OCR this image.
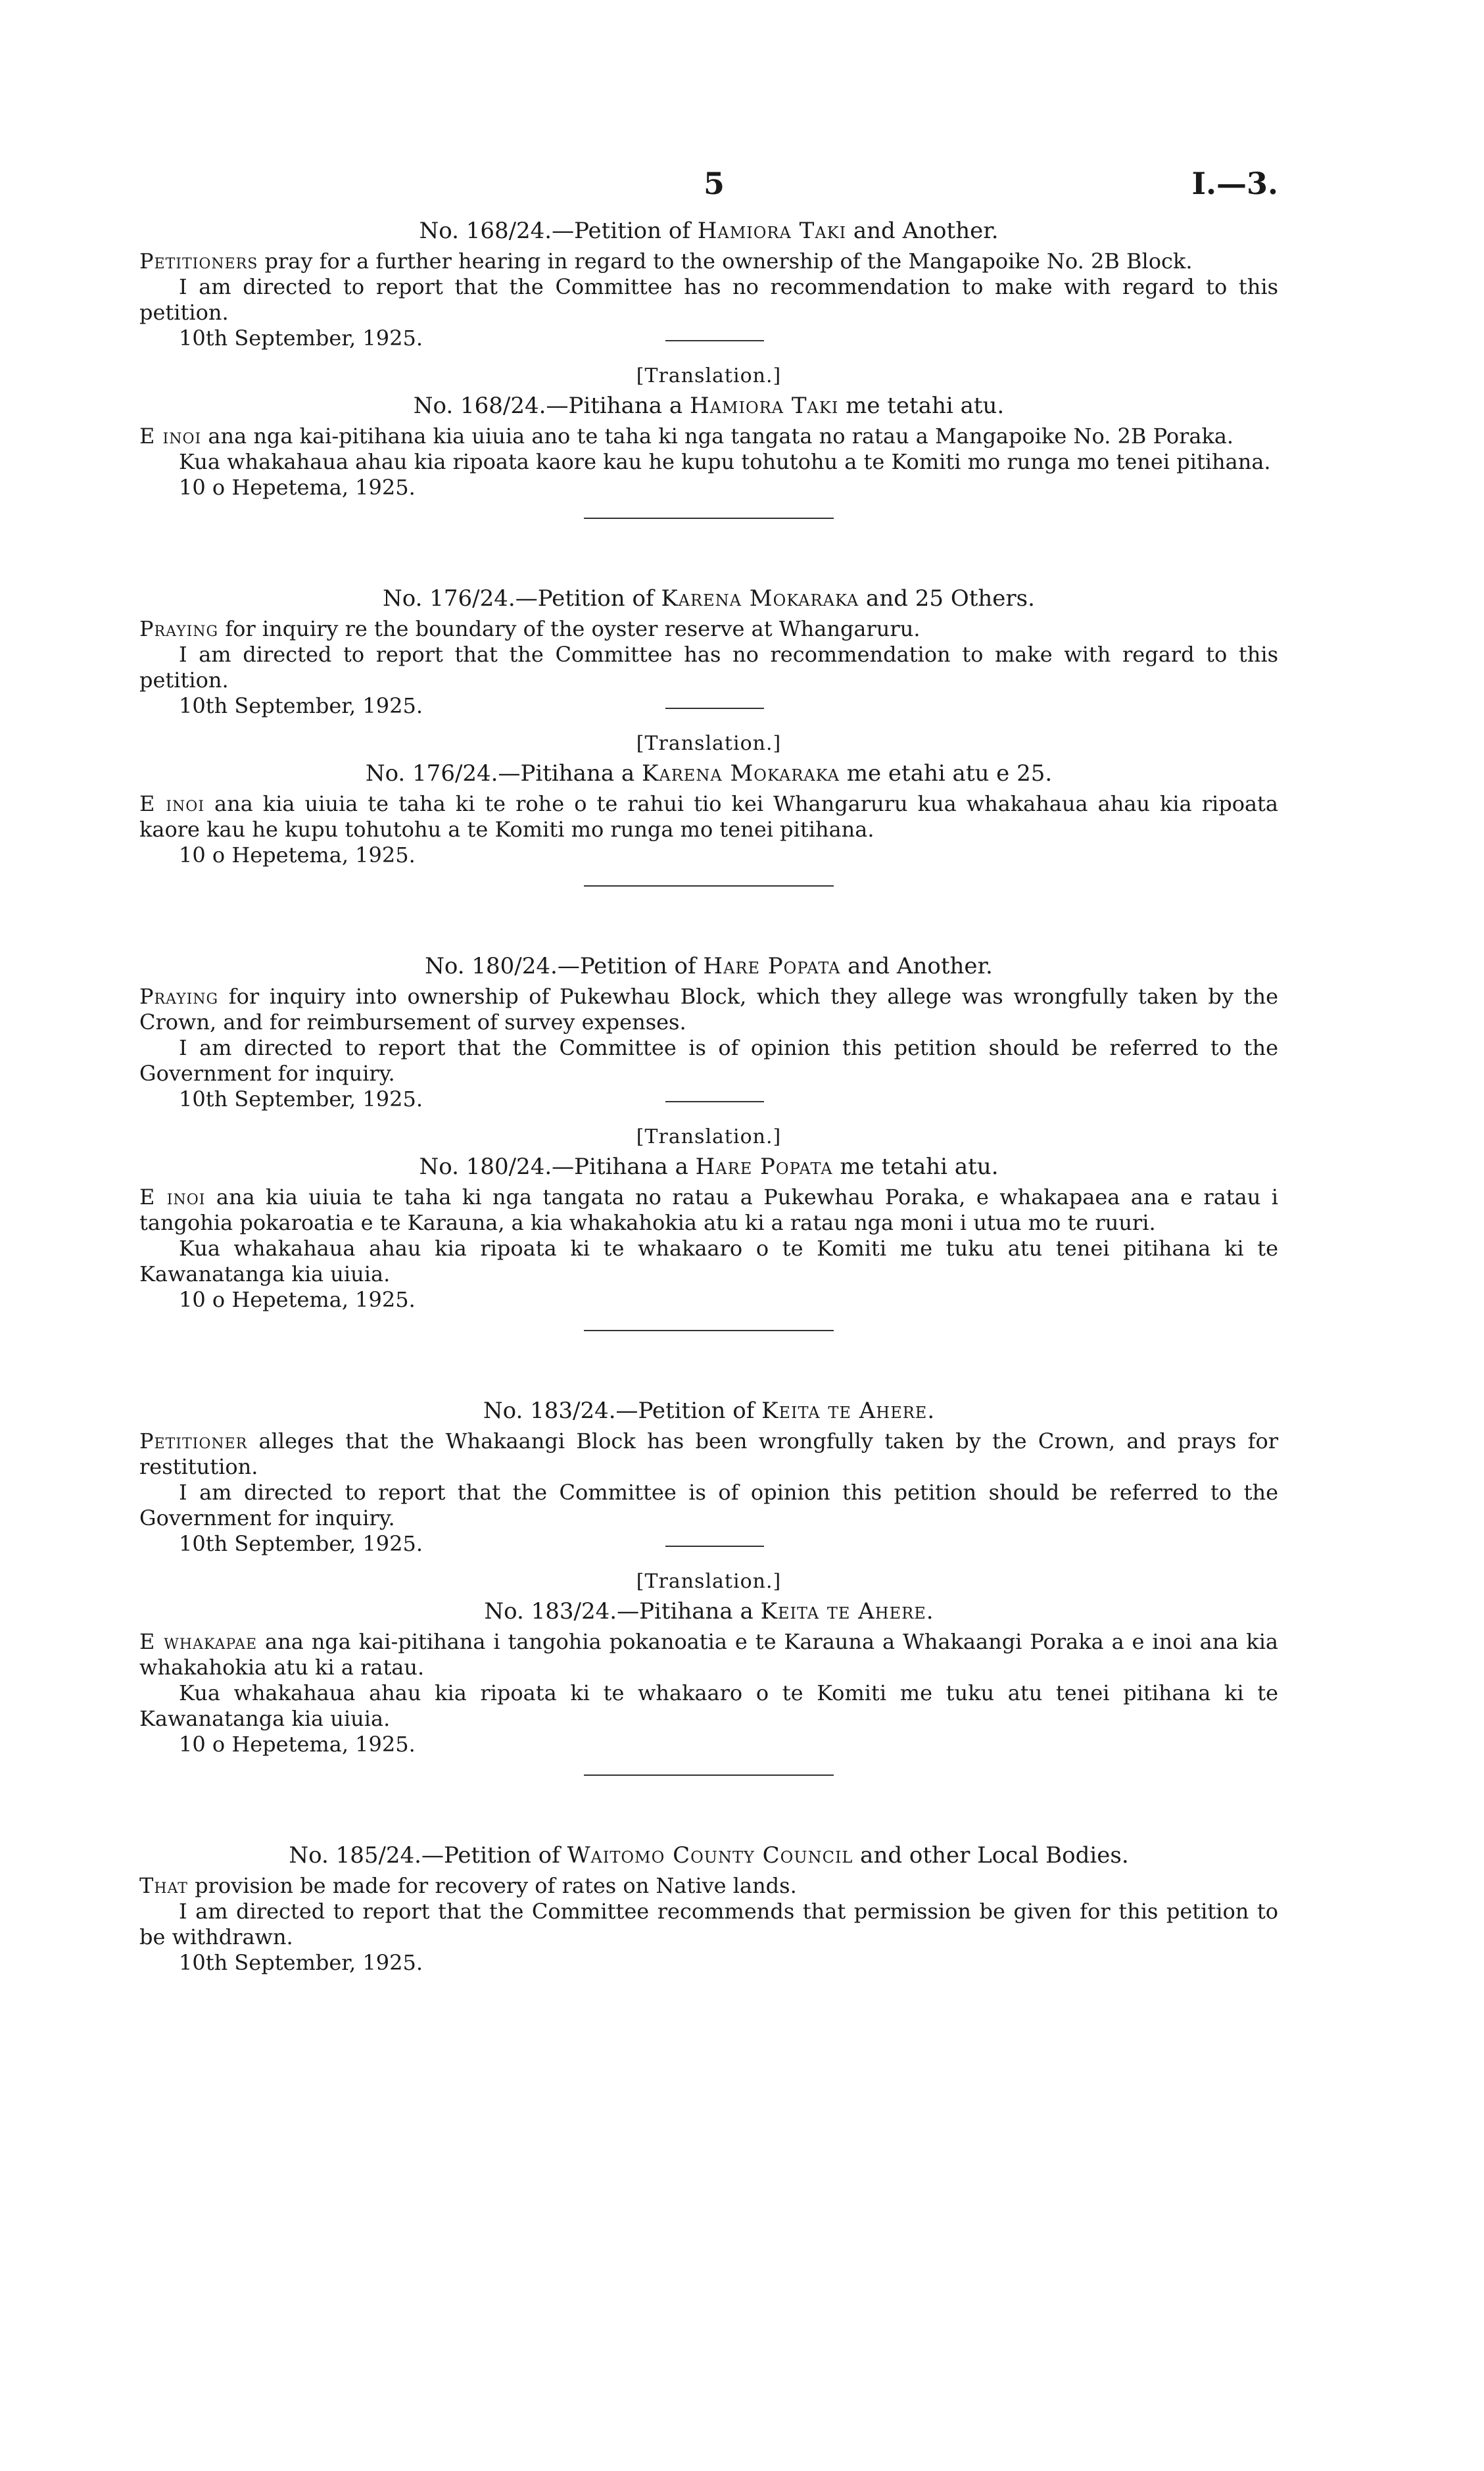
5	I.—3.
No. 168/24.—Petition of Hamiora Taki and Another.

Petitioners pray for a further hearing in regard to the ownership of the Mangapoike No. 2B Block.

I am directed to report that the Committee has no recommendation to make with regard to this petition.

10th September, 1925.

[Translation.]
No. 168/24.—Pitihana a Hamiora Taki me tetahi atu.

E inoi ana nga kai-pitihana kia uiuia ano te taha ki nga tangata no ratau a Mangapoike No. 2B Poraka.

Kua whakahaua ahau kia ripoata kaore kau he kupu tohutohu a te Komiti mo runga mo tenei pitihana.

10 o Hepetema, 1925.

No. 176/24.—Petition of Karena Mokaraka and 25 Others.

Praying for inquiry re the boundary of the oyster reserve at Whangaruru.

I am directed to report that the Committee has no recommendation to make with regard to this petition.

10th September, 1925.

[Translation.]
No. 176/24.—Pitihana a Karena Mokaraka me etahi atu e 25.

E inoi ana kia uiuia te taha ki te rohe o te rahui tio kei Whangaruru kua whakahaua ahau kia ripoata kaore kau he kupu tohutohu a te Komiti mo runga mo tenei pitihana.

10 o Hepetema, 1925.

No. 180/24.—Petition of Hare Popata and Another.

Praying for inquiry into ownership of Pukewhau Block, which they allege was wrongfully taken by the Crown, and for reimbursement of survey expenses.

I am directed to report that the Committee is of opinion this petition should be referred to the Government for inquiry.

10th September, 1925.

[Translation.]
No. 180/24.—Pitihana a Hare Popata me tetahi atu.

E inoi ana kia uiuia te taha ki nga tangata no ratau a Pukewhau Poraka, e whakapaea ana e ratau i tangohia pokaroatia e te Karauna, a kia whakahokia atu ki a ratau nga moni i utua mo te ruuri.

Kua whakahaua ahau kia ripoata ki te whakaaro o te Komiti me tuku atu tenei pitihana ki te Kawanatanga kia uiuia.

10 o Hepetema, 1925.

No. 183/24.—Petition of Keita te Ahere.

Petitioner alleges that the Whakaangi Block has been wrongfully taken by the Crown, and prays for restitution.

I am directed to report that the Committee is of opinion this petition should be referred to the Government for inquiry.

10th September, 1925.

[Translation.]
No. 183/24.—Pitihana a Keita te Ahere.

E whakapae ana nga kai-pitihana i tangohia pokanoatia e te Karauna a Whakaangi Poraka a e inoi ana kia whakahokia atu ki a ratau.

Kua whakahaua ahau kia ripoata ki te whakaaro o te Komiti me tuku atu tenei pitihana ki te Kawanatanga kia uiuia.

10 o Hepetema, 1925.

No. 185/24.—Petition of Waitomo County Council and other Local Bodies.

That provision be made for recovery of rates on Native lands.

I am directed to report that the Committee recommends that permission be given for this petition to be withdrawn.

10th September, 1925.
